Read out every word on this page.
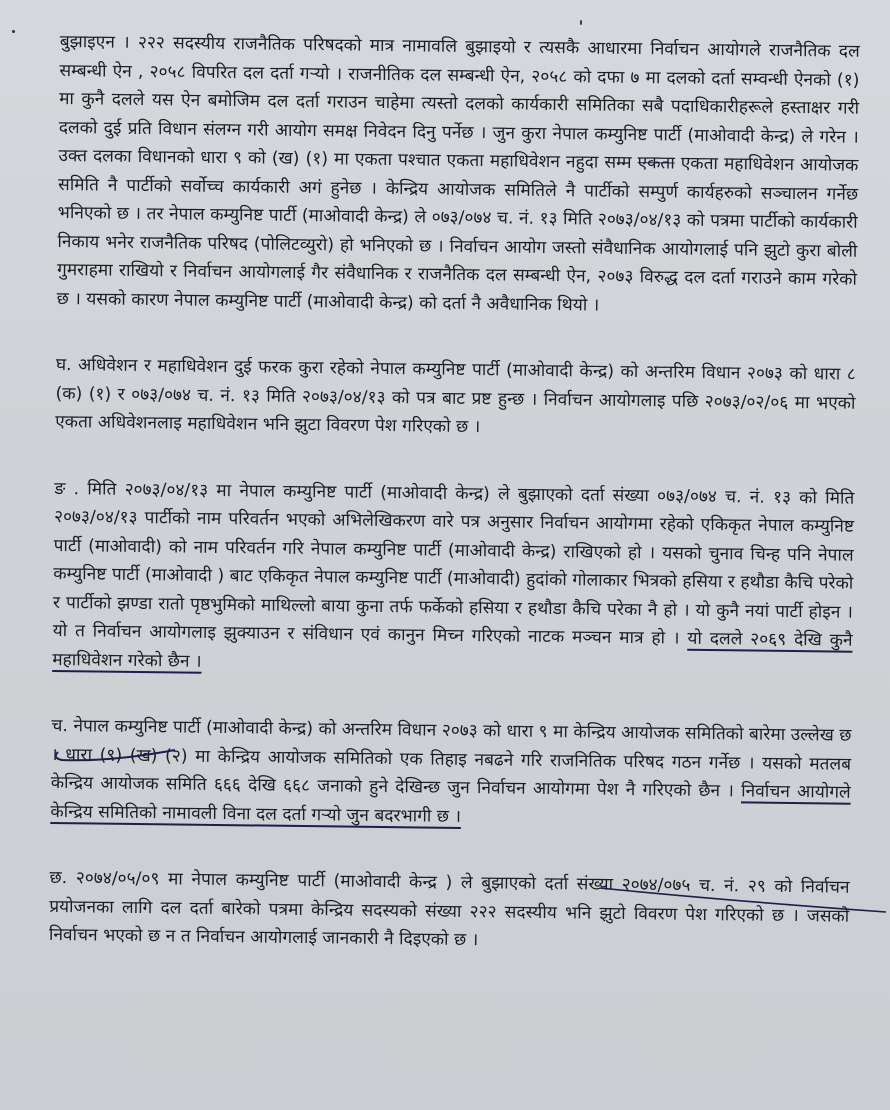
बुझाइएन । २२२ सदस्यीय राजनैतिक परिषदको मात्र नामावलि बुझाइयो र त्यसकै आधारमा निर्वाचन आयोगले राजनैतिक दल सम्बन्धी ऐन , २०५८ विपरित दल दर्ता गर्‍यो । राजनीतिक दल सम्बन्धी ऐन, २०५८ को दफा ७ मा दलको दर्ता सम्वन्धी ऐनको (१) मा कुनै दलले यस ऐन बमोजिम दल दर्ता गराउन चाहेमा त्यस्तो दलको कार्यकारी समितिका सबै पदाधिकारीहरूले हस्ताक्षर गरी दलको दुई प्रति विधान संलग्न गरी आयोग समक्ष निवेदन दिनु पर्नेछ । जुन कुरा नेपाल कम्युनिष्ट पार्टी (माओवादी केन्द्र) ले गरेन । उक्त दलका विधानको धारा ९ को (ख) (१) मा एकता पश्चात एकता महाधिवेशन नहुदा सम्म एकता एकता महाधिवेशन आयोजक समिति नै पार्टीको सर्वोच्च कार्यकारी अगं हुनेछ । केन्द्रिय आयोजक समितिले नै पार्टीको सम्पुर्ण कार्यहरुको सञ्चालन गर्नेछ भनिएको छ । तर नेपाल कम्युनिष्ट पार्टी (माओवादी केन्द्र) ले ०७३/०७४ च. नं. १३ मिति २०७३/०४/१३ को पत्रमा पार्टीको कार्यकारी निकाय भनेर राजनैतिक परिषद (पोलिटव्युरो) हो भनिएको छ । निर्वाचन आयोग जस्तो संवैधानिक आयोगलाई पनि झुटो कुरा बोली गुमराहमा राखियो र निर्वाचन आयोगलाई गैर संवैधानिक र राजनैतिक दल सम्बन्धी ऐन, २०७३ विरुद्ध दल दर्ता गराउने काम गरेको छ । यसको कारण नेपाल कम्युनिष्ट पार्टी (माओवादी केन्द्र) को दर्ता नै अवैधानिक थियो ।

घ. अधिवेशन र महाधिवेशन दुई फरक कुरा रहेको नेपाल कम्युनिष्ट पार्टी (माओवादी केन्द्र) को अन्तरिम विधान २०७३ को धारा ८ (क) (१) र ०७३/०७४ च. नं. १३ मिति २०७३/०४/१३ को पत्र बाट प्रष्ट हुन्छ । निर्वाचन आयोगलाइ पछि २०७३/०२/०६ मा भएको एकता अधिवेशनलाइ महाधिवेशन भनि झुटा विवरण पेश गरिएको छ ।

ङ . मिति २०७३/०४/१३ मा नेपाल कम्युनिष्ट पार्टी (माओवादी केन्द्र) ले बुझाएको दर्ता संख्या ०७३/०७४ च. नं. १३ को मिति २०७३/०४/१३ पार्टीको नाम परिवर्तन भएको अभिलेखिकरण वारे पत्र अनुसार निर्वाचन आयोगमा रहेको एकिकृत नेपाल कम्युनिष्ट पार्टी (माओवादी) को नाम परिवर्तन गरि नेपाल कम्युनिष्ट पार्टी (माओवादी केन्द्र) राखिएको हो । यसको चुनाव चिन्ह पनि नेपाल कम्युनिष्ट पार्टी (माओवादी ) बाट एकिकृत नेपाल कम्युनिष्ट पार्टी (माओवादी) हुदांको गोलाकार भित्रको हसिया र हथौडा कैचि परेको र पार्टीको झण्डा रातो पृष्ठभुमिको माथिल्लो बाया कुना तर्फ फर्केको हसिया र हथौडा कैचि परेका नै हो । यो कुनै नयां पार्टी होइन । यो त निर्वाचन आयोगलाइ झुक्याउन र संविधान एवं कानुन मिच्न गरिएको नाटक मञ्चन मात्र हो । यो दलले २०६९ देखि कुनै महाधिवेशन गरेको छैन ।

च. नेपाल कम्युनिष्ट पार्टी (माओवादी केन्द्र) को अन्तरिम विधान २०७३ को धारा ९ मा केन्द्रिय आयोजक समितिको बारेमा उल्लेख छ । धारा (९) (ख) (२) मा केन्द्रिय आयोजक समितिको एक तिहाइ नबढने गरि राजनितिक परिषद गठन गर्नेछ । यसको मतलब केन्द्रिय आयोजक समिति ६६६ देखि ६६८ जनाको हुने देखिन्छ जुन निर्वाचन आयोगमा पेश नै गरिएको छैन । निर्वाचन आयोगले केन्द्रिय समितिको नामावली विना दल दर्ता गर्‍यो जुन बदरभागी छ ।

छ. २०७४/०५/०९ मा नेपाल कम्युनिष्ट पार्टी (माओवादी केन्द्र ) ले बुझाएको दर्ता संख्या २०७४/०७५ च. नं. २९ को निर्वाचन प्रयोजनका लागि दल दर्ता बारेको पत्रमा केन्द्रिय सदस्यको संख्या २२२ सदस्यीय भनि झुटो विवरण पेश गरिएको छ । जसको निर्वाचन भएको छ न त निर्वाचन आयोगलाई जानकारी नै दिइएको छ ।
